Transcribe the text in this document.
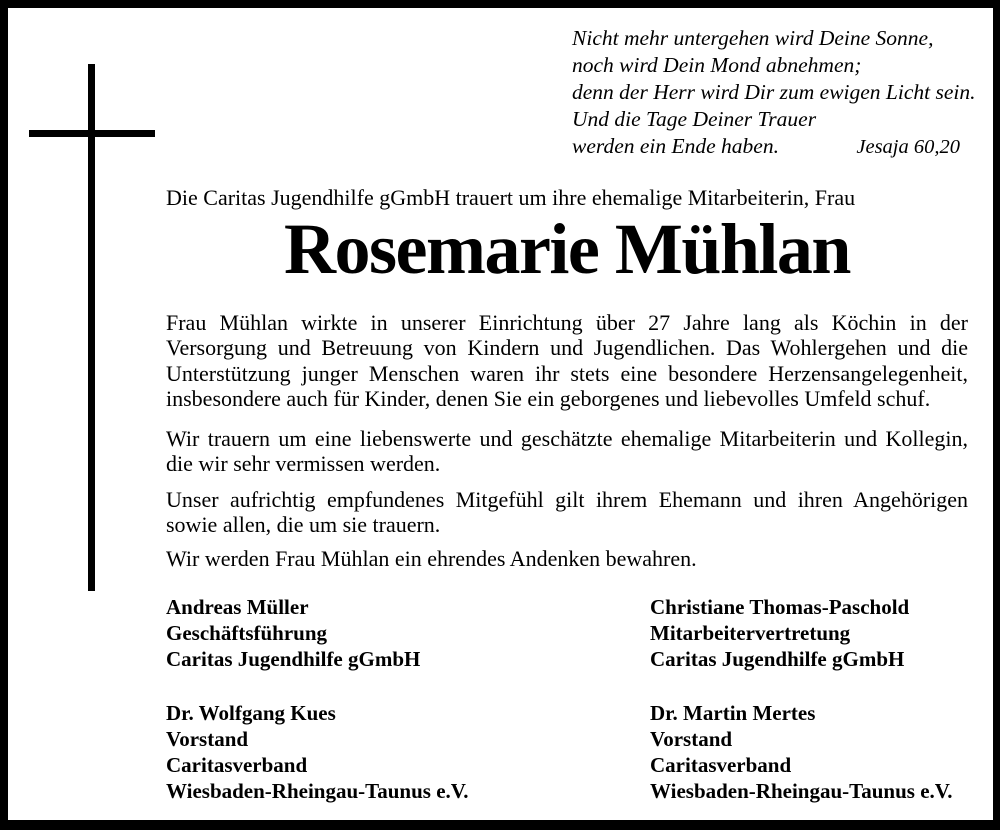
Nicht mehr untergehen wird Deine Sonne,
noch wird Dein Mond abnehmen;
denn der Herr wird Dir zum ewigen Licht sein.
Und die Tage Deiner Trauer
werden ein Ende haben.	Jesaja 60,20
Die Caritas Jugendhilfe gGmbH trauert um ihre ehemalige Mitarbeiterin, Frau
Rosemarie Mühlan

Frau Mühlan wirkte in unserer Einrichtung über 27 Jahre lang als Köchin in der Versorgung und Betreuung von Kindern und Jugendlichen. Das Wohlergehen und die Unterstützung junger Menschen waren ihr stets eine besondere Herzensangelegenheit, insbesondere auch für Kinder, denen Sie ein geborgenes und liebevolles Umfeld schuf.

Wir trauern um eine liebenswerte und geschätzte ehemalige Mitarbeiterin und Kollegin, die wir sehr vermissen werden.

Unser aufrichtig empfundenes Mitgefühl gilt ihrem Ehemann und ihren Angehörigen sowie allen, die um sie trauern.

Wir werden Frau Mühlan ein ehrendes Andenken bewahren.

Andreas Müller
Geschäftsführung
Caritas Jugendhilfe gGmbH
Christiane Thomas-Paschold
Mitarbeitervertretung
Caritas Jugendhilfe gGmbH
Dr. Wolfgang Kues
Vorstand
Caritasverband
Wiesbaden-Rheingau-Taunus e.V.
Dr. Martin Mertes
Vorstand
Caritasverband
Wiesbaden-Rheingau-Taunus e.V.
